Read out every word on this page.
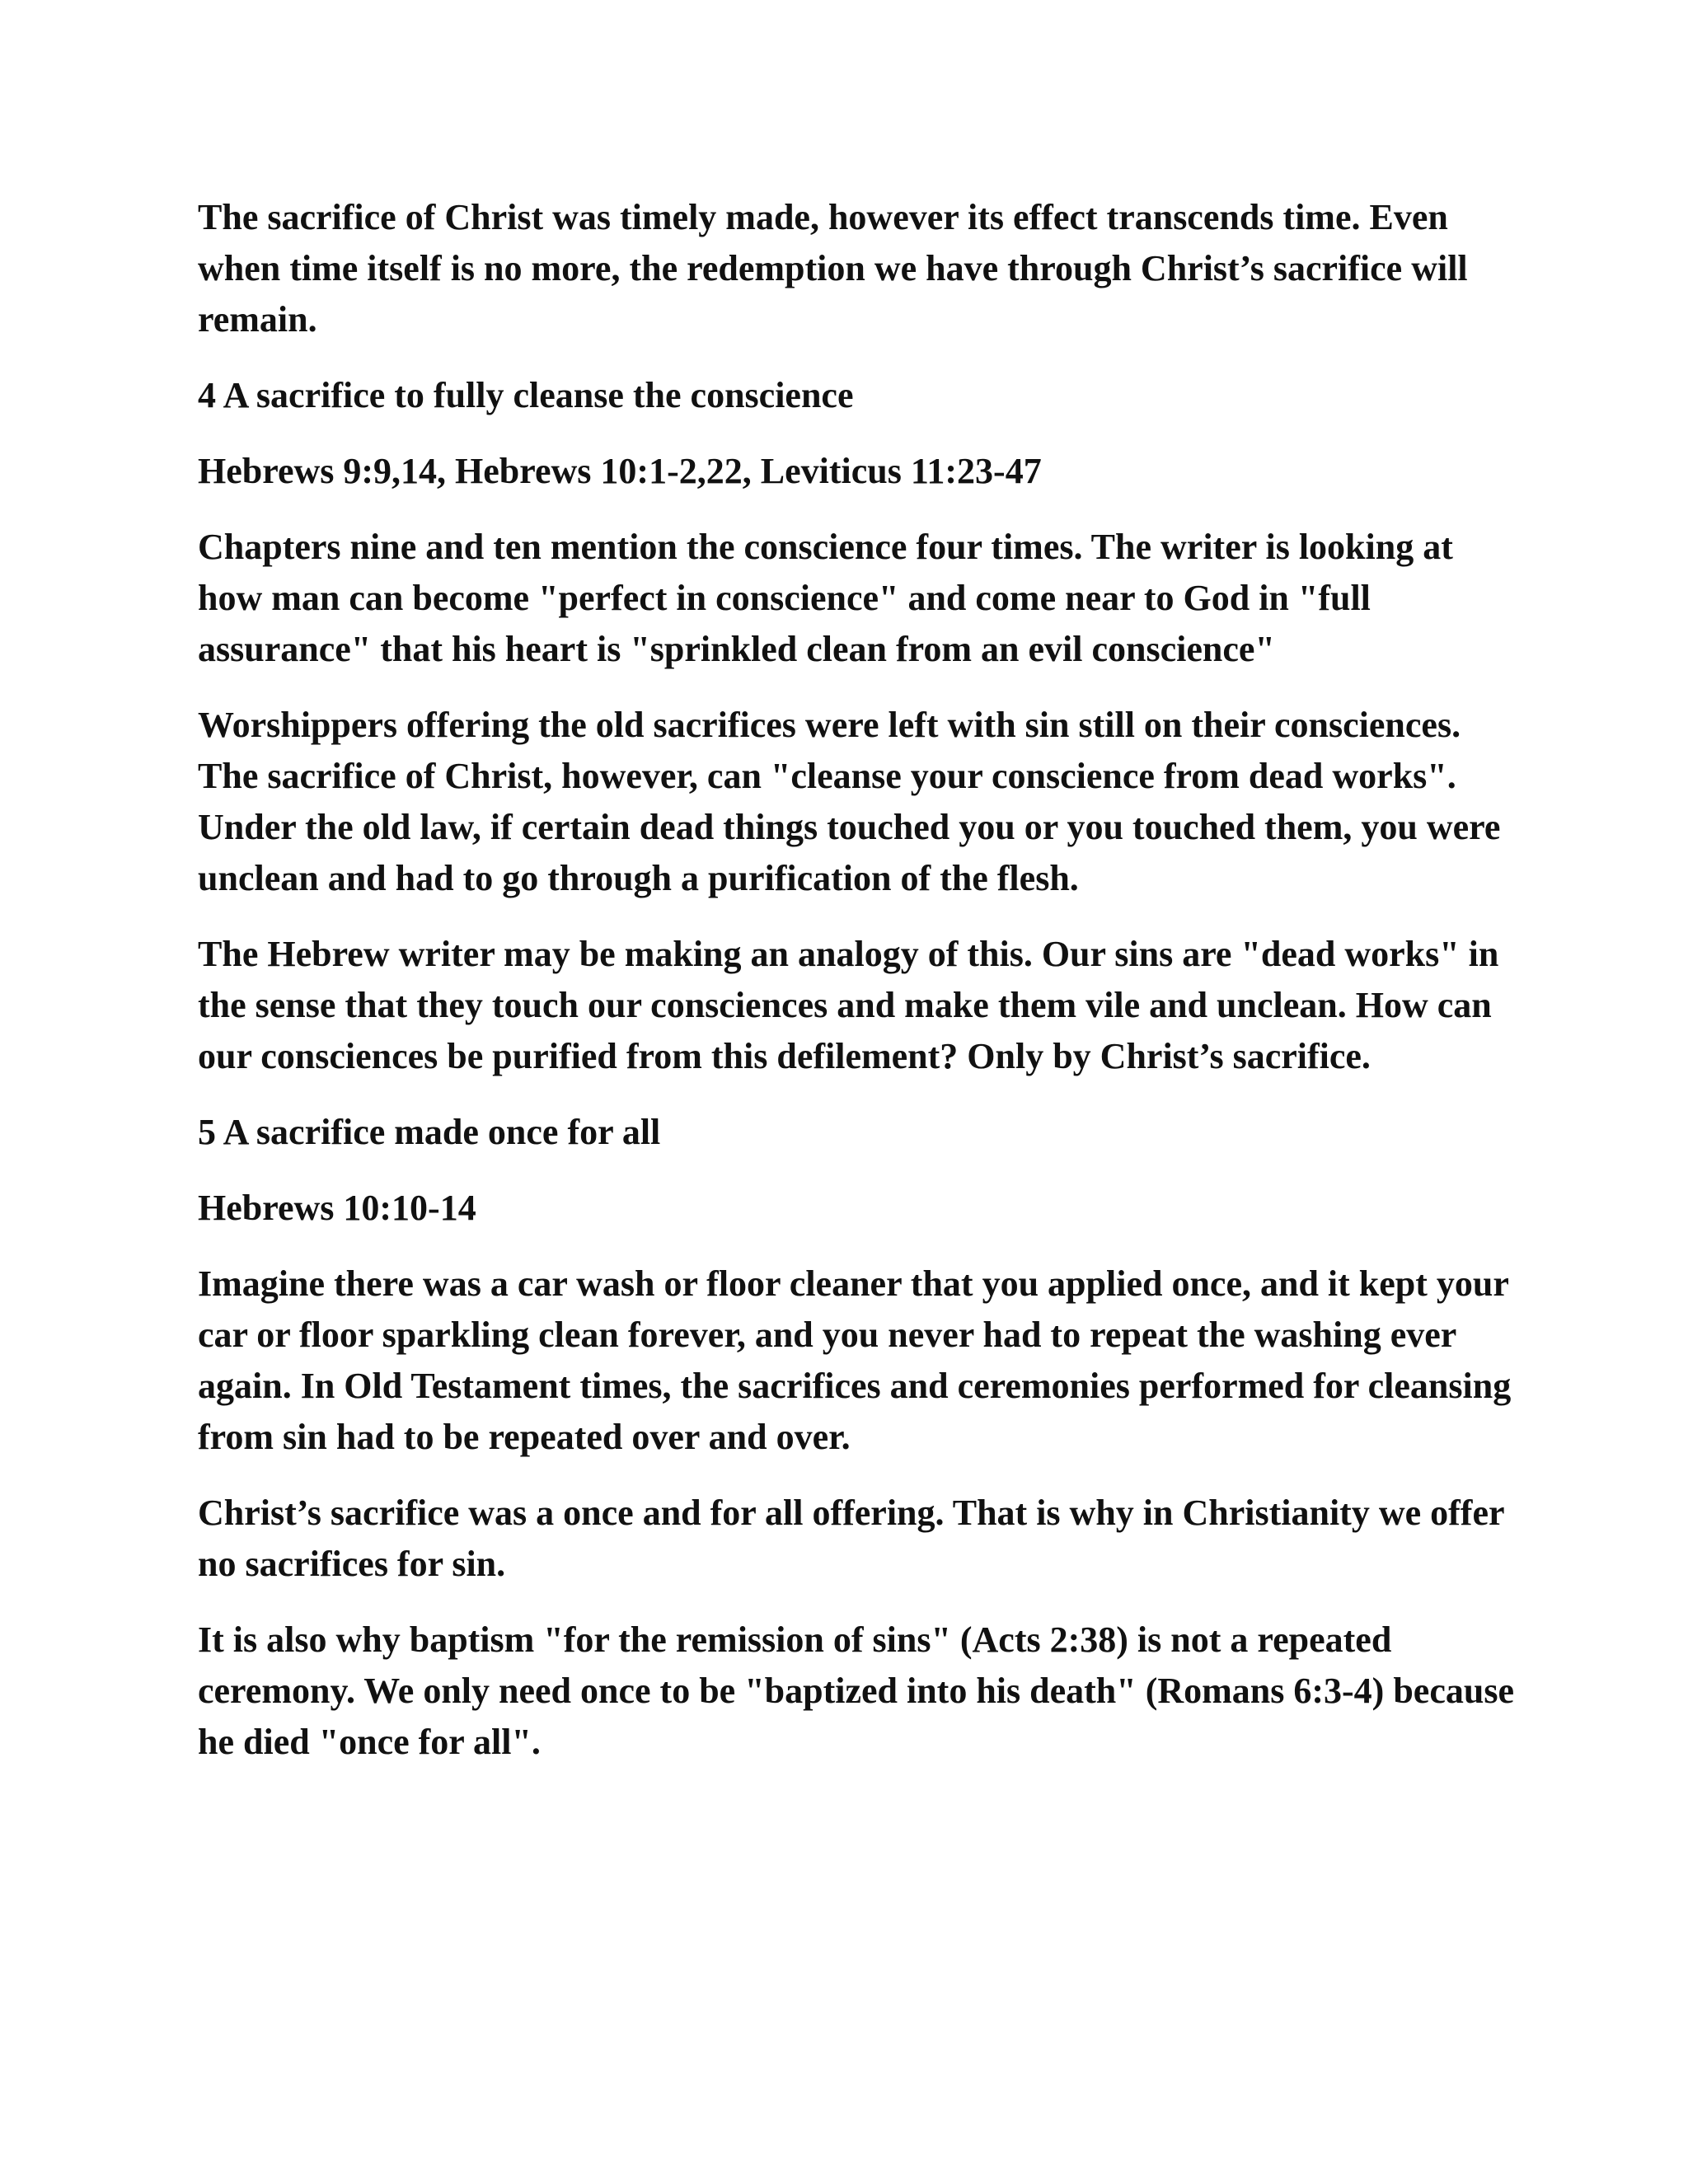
The sacrifice of Christ was timely made, however its effect transcends time. Even when time itself is no more, the redemption we have through Christ’s sacrifice will remain.

4 A sacrifice to fully cleanse the conscience

Hebrews 9:9,14, Hebrews 10:1-2,22, Leviticus 11:23-47

Chapters nine and ten mention the conscience four times. The writer is looking at how man can become "perfect in conscience" and come near to God in "full assurance" that his heart is "sprinkled clean from an evil conscience"

Worshippers offering the old sacrifices were left with sin still on their consciences. The sacrifice of Christ, however, can "cleanse your conscience from dead works". Under the old law, if certain dead things touched you or you touched them, you were unclean and had to go through a purification of the flesh.

The Hebrew writer may be making an analogy of this. Our sins are "dead works" in the sense that they touch our consciences and make them vile and unclean. How can our consciences be purified from this defilement? Only by Christ’s sacrifice.

5 A sacrifice made once for all

Hebrews 10:10-14

Imagine there was a car wash or floor cleaner that you applied once, and it kept your car or floor sparkling clean forever, and you never had to repeat the washing ever again. In Old Testament times, the sacrifices and ceremonies performed for cleansing from sin had to be repeated over and over.

Christ’s sacrifice was a once and for all offering. That is why in Christianity we offer no sacrifices for sin.

It is also why baptism "for the remission of sins" (Acts 2:38) is not a repeated ceremony. We only need once to be "baptized into his death" (Romans 6:3-4) because he died "once for all".
